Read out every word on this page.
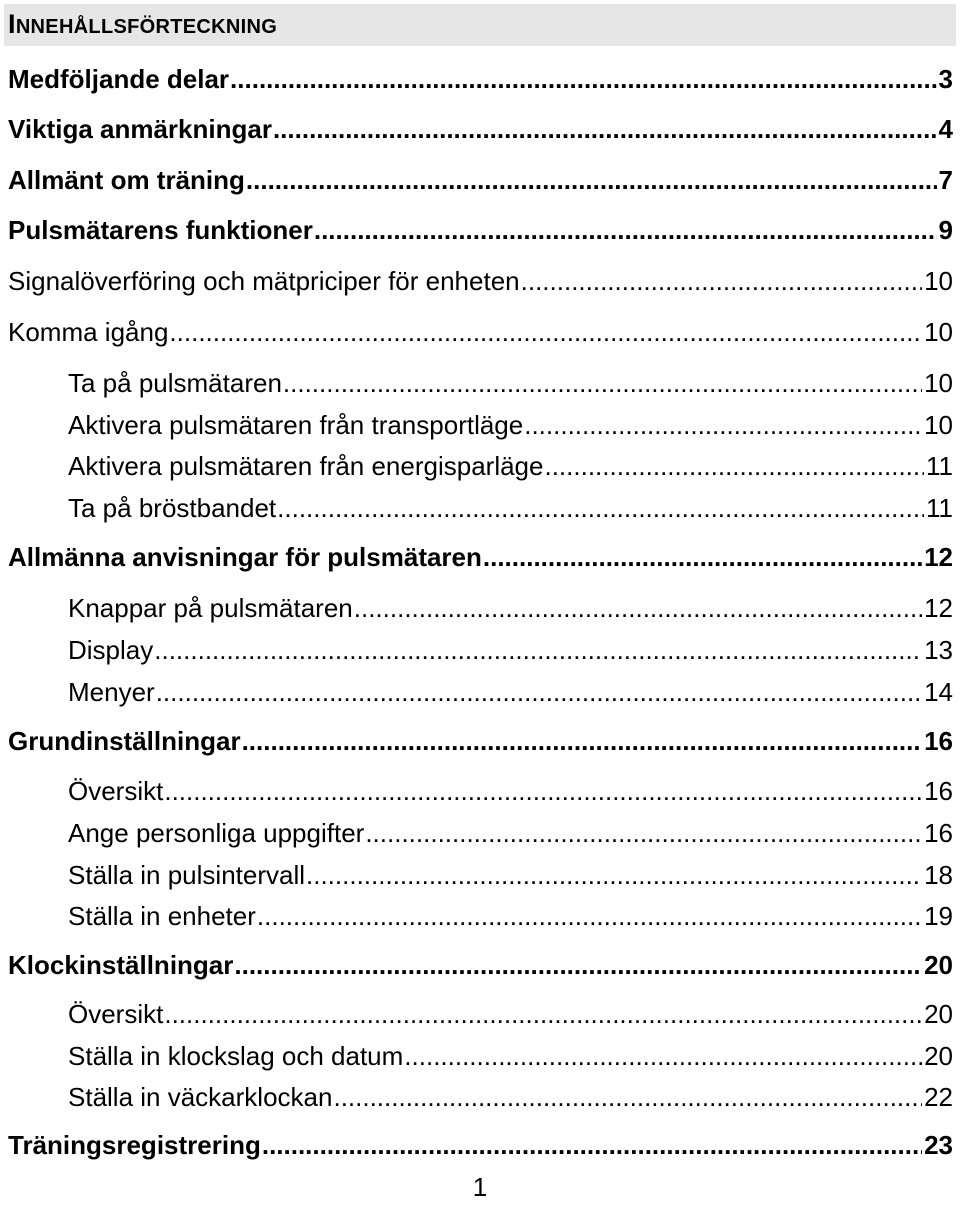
INNEHÅLLSFÖRTECKNING
Medföljande delar .....	3
Viktiga anmärkningar .....	4
Allmänt om träning .....	7
Pulsmätarens funktioner .....	9
Signalöverföring och mätpriciper för enheten .....	10
Komma igång .....	10
Ta på pulsmätaren .....	10
Aktivera pulsmätaren från transportläge .....	10
Aktivera pulsmätaren från energisparläge .....	11
Ta på bröstbandet .....	11
Allmänna anvisningar för pulsmätaren .....	12
Knappar på pulsmätaren .....	12
Display .....	13
Menyer .....	14
Grundinställningar .....	16
Översikt .....	16
Ange personliga uppgifter .....	16
Ställa in pulsintervall .....	18
Ställa in enheter .....	19
Klockinställningar .....	20
Översikt .....	20
Ställa in klockslag och datum .....	20
Ställa in väckarklockan .....	22
Träningsregistrering .....	23
1
